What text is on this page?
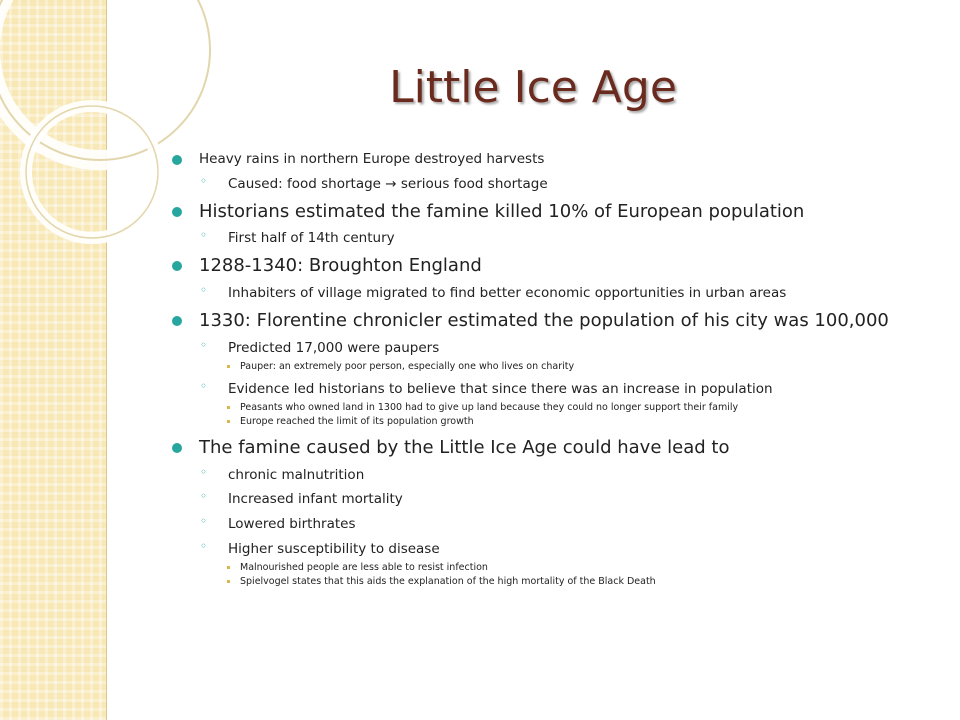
Little Ice Age
Heavy rains in northern Europe destroyed harvests
◦ Caused: food shortage → serious food shortage
Historians estimated the famine killed 10% of European population
◦ First half of 14th century
1288-1340: Broughton England
◦ Inhabiters of village migrated to find better economic opportunities in urban areas
1330: Florentine chronicler estimated the population of his city was 100,000
◦ Predicted 17,000 were paupers
Pauper: an extremely poor person, especially one who lives on charity
◦ Evidence led historians to believe that since there was an increase in population
Peasants who owned land in 1300 had to give up land because they could no longer support their family
Europe reached the limit of its population growth
The famine caused by the Little Ice Age could have lead to
◦ chronic malnutrition
◦ Increased infant mortality
◦ Lowered birthrates
◦ Higher susceptibility to disease
Malnourished people are less able to resist infection
Spielvogel states that this aids the explanation of the high mortality of the Black Death
